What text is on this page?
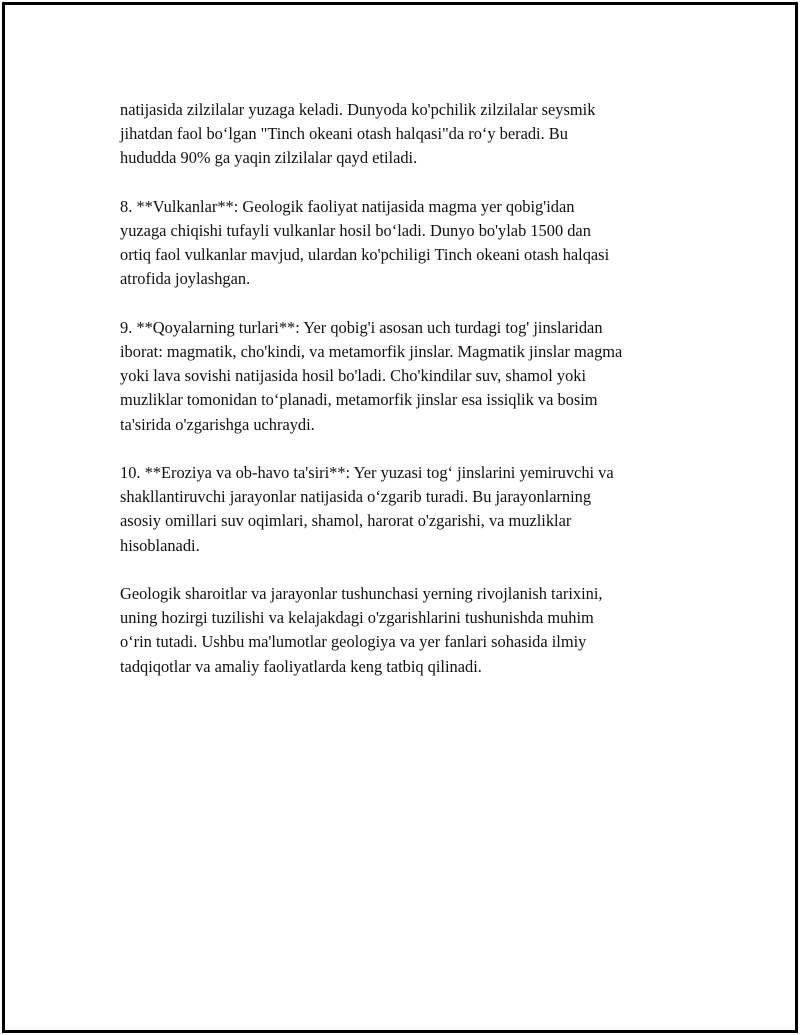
natijasida zilzilalar yuzaga keladi. Dunyoda ko'pchilik zilzilalar seysmik
jihatdan faol bo‘lgan "Tinch okeani otash halqasi"da ro‘y beradi. Bu
hududda 90% ga yaqin zilzilalar qayd etiladi.

8. **Vulkanlar**: Geologik faoliyat natijasida magma yer qobig'idan
yuzaga chiqishi tufayli vulkanlar hosil bo‘ladi. Dunyo bo'ylab 1500 dan
ortiq faol vulkanlar mavjud, ulardan ko'pchiligi Tinch okeani otash halqasi
atrofida joylashgan.

9. **Qoyalarning turlari**: Yer qobig'i asosan uch turdagi tog' jinslaridan
iborat: magmatik, cho'kindi, va metamorfik jinslar. Magmatik jinslar magma
yoki lava sovishi natijasida hosil bo'ladi. Cho'kindilar suv, shamol yoki
muzliklar tomonidan to‘planadi, metamorfik jinslar esa issiqlik va bosim
ta'sirida o'zgarishga uchraydi.

10. **Eroziya va ob-havo ta'siri**: Yer yuzasi tog‘ jinslarini yemiruvchi va
shakllantiruvchi jarayonlar natijasida o‘zgarib turadi. Bu jarayonlarning
asosiy omillari suv oqimlari, shamol, harorat o'zgarishi, va muzliklar
hisoblanadi.

Geologik sharoitlar va jarayonlar tushunchasi yerning rivojlanish tarixini,
uning hozirgi tuzilishi va kelajakdagi o'zgarishlarini tushunishda muhim
o‘rin tutadi. Ushbu ma'lumotlar geologiya va yer fanlari sohasida ilmiy
tadqiqotlar va amaliy faoliyatlarda keng tatbiq qilinadi.
